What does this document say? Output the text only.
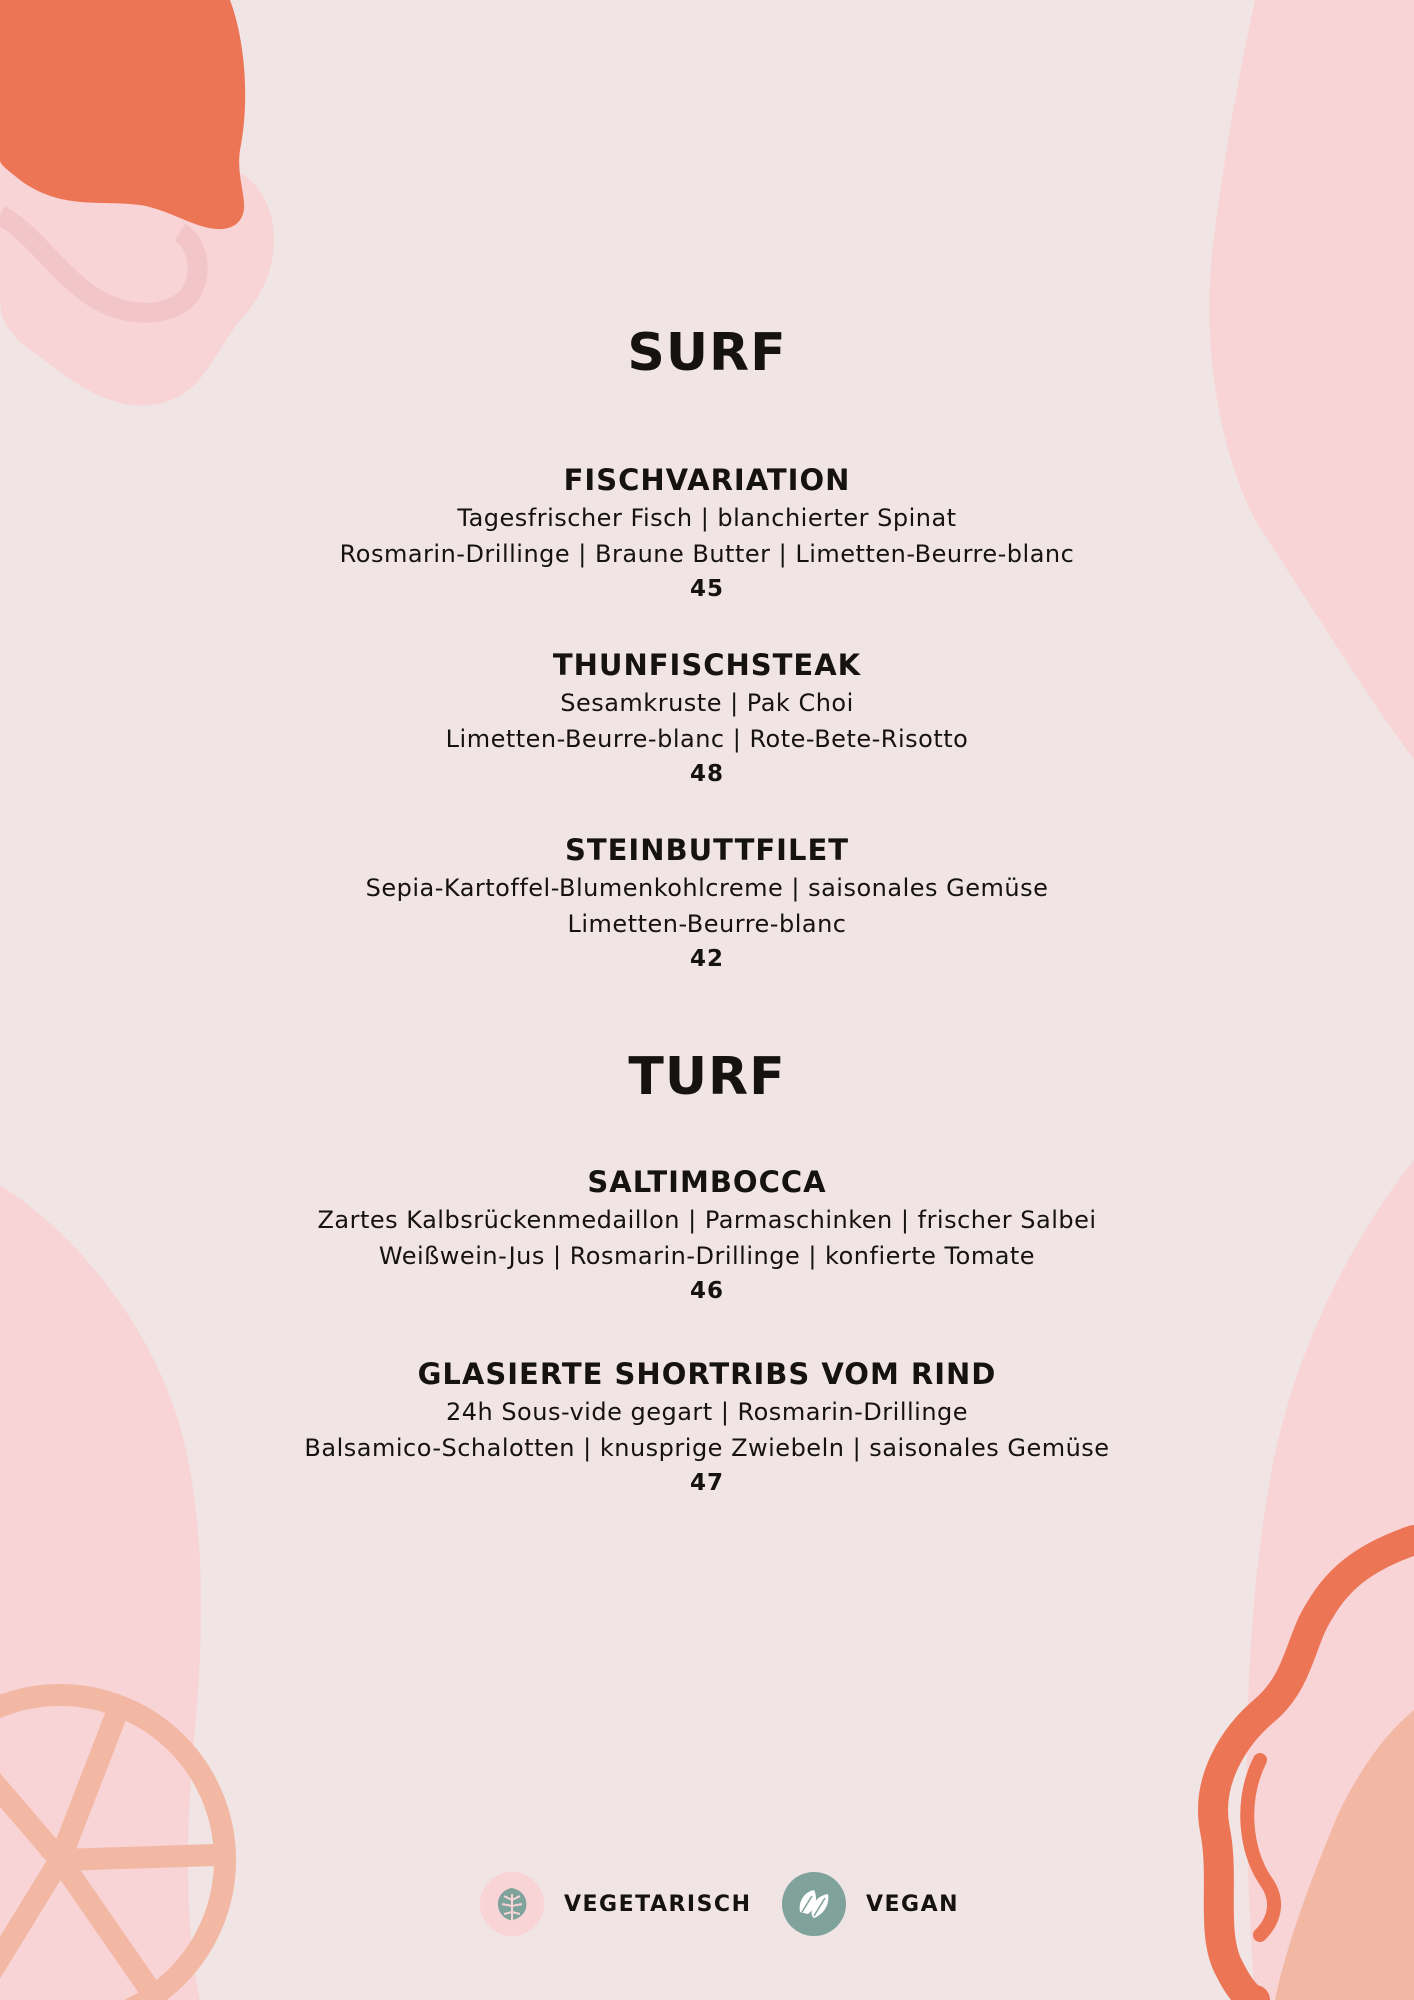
SURF

FISCHVARIATION

Tagesfrischer Fisch | blanchierter Spinat

Rosmarin-Drillinge | Braune Butter | Limetten-Beurre-blanc

45

THUNFISCHSTEAK

Sesamkruste | Pak Choi

Limetten-Beurre-blanc | Rote-Bete-Risotto

48

STEINBUTTFILET

Sepia-Kartoffel-Blumenkohlcreme | saisonales Gemüse

Limetten-Beurre-blanc

42

TURF

SALTIMBOCCA

Zartes Kalbsrückenmedaillon | Parmaschinken | frischer Salbei

Weißwein-Jus | Rosmarin-Drillinge | konfierte Tomate

46

GLASIERTE SHORTRIBS VOM RIND

24h Sous-vide gegart | Rosmarin-Drillinge

Balsamico-Schalotten | knusprige Zwiebeln | saisonales Gemüse

47

VEGETARISCH	VEGAN
